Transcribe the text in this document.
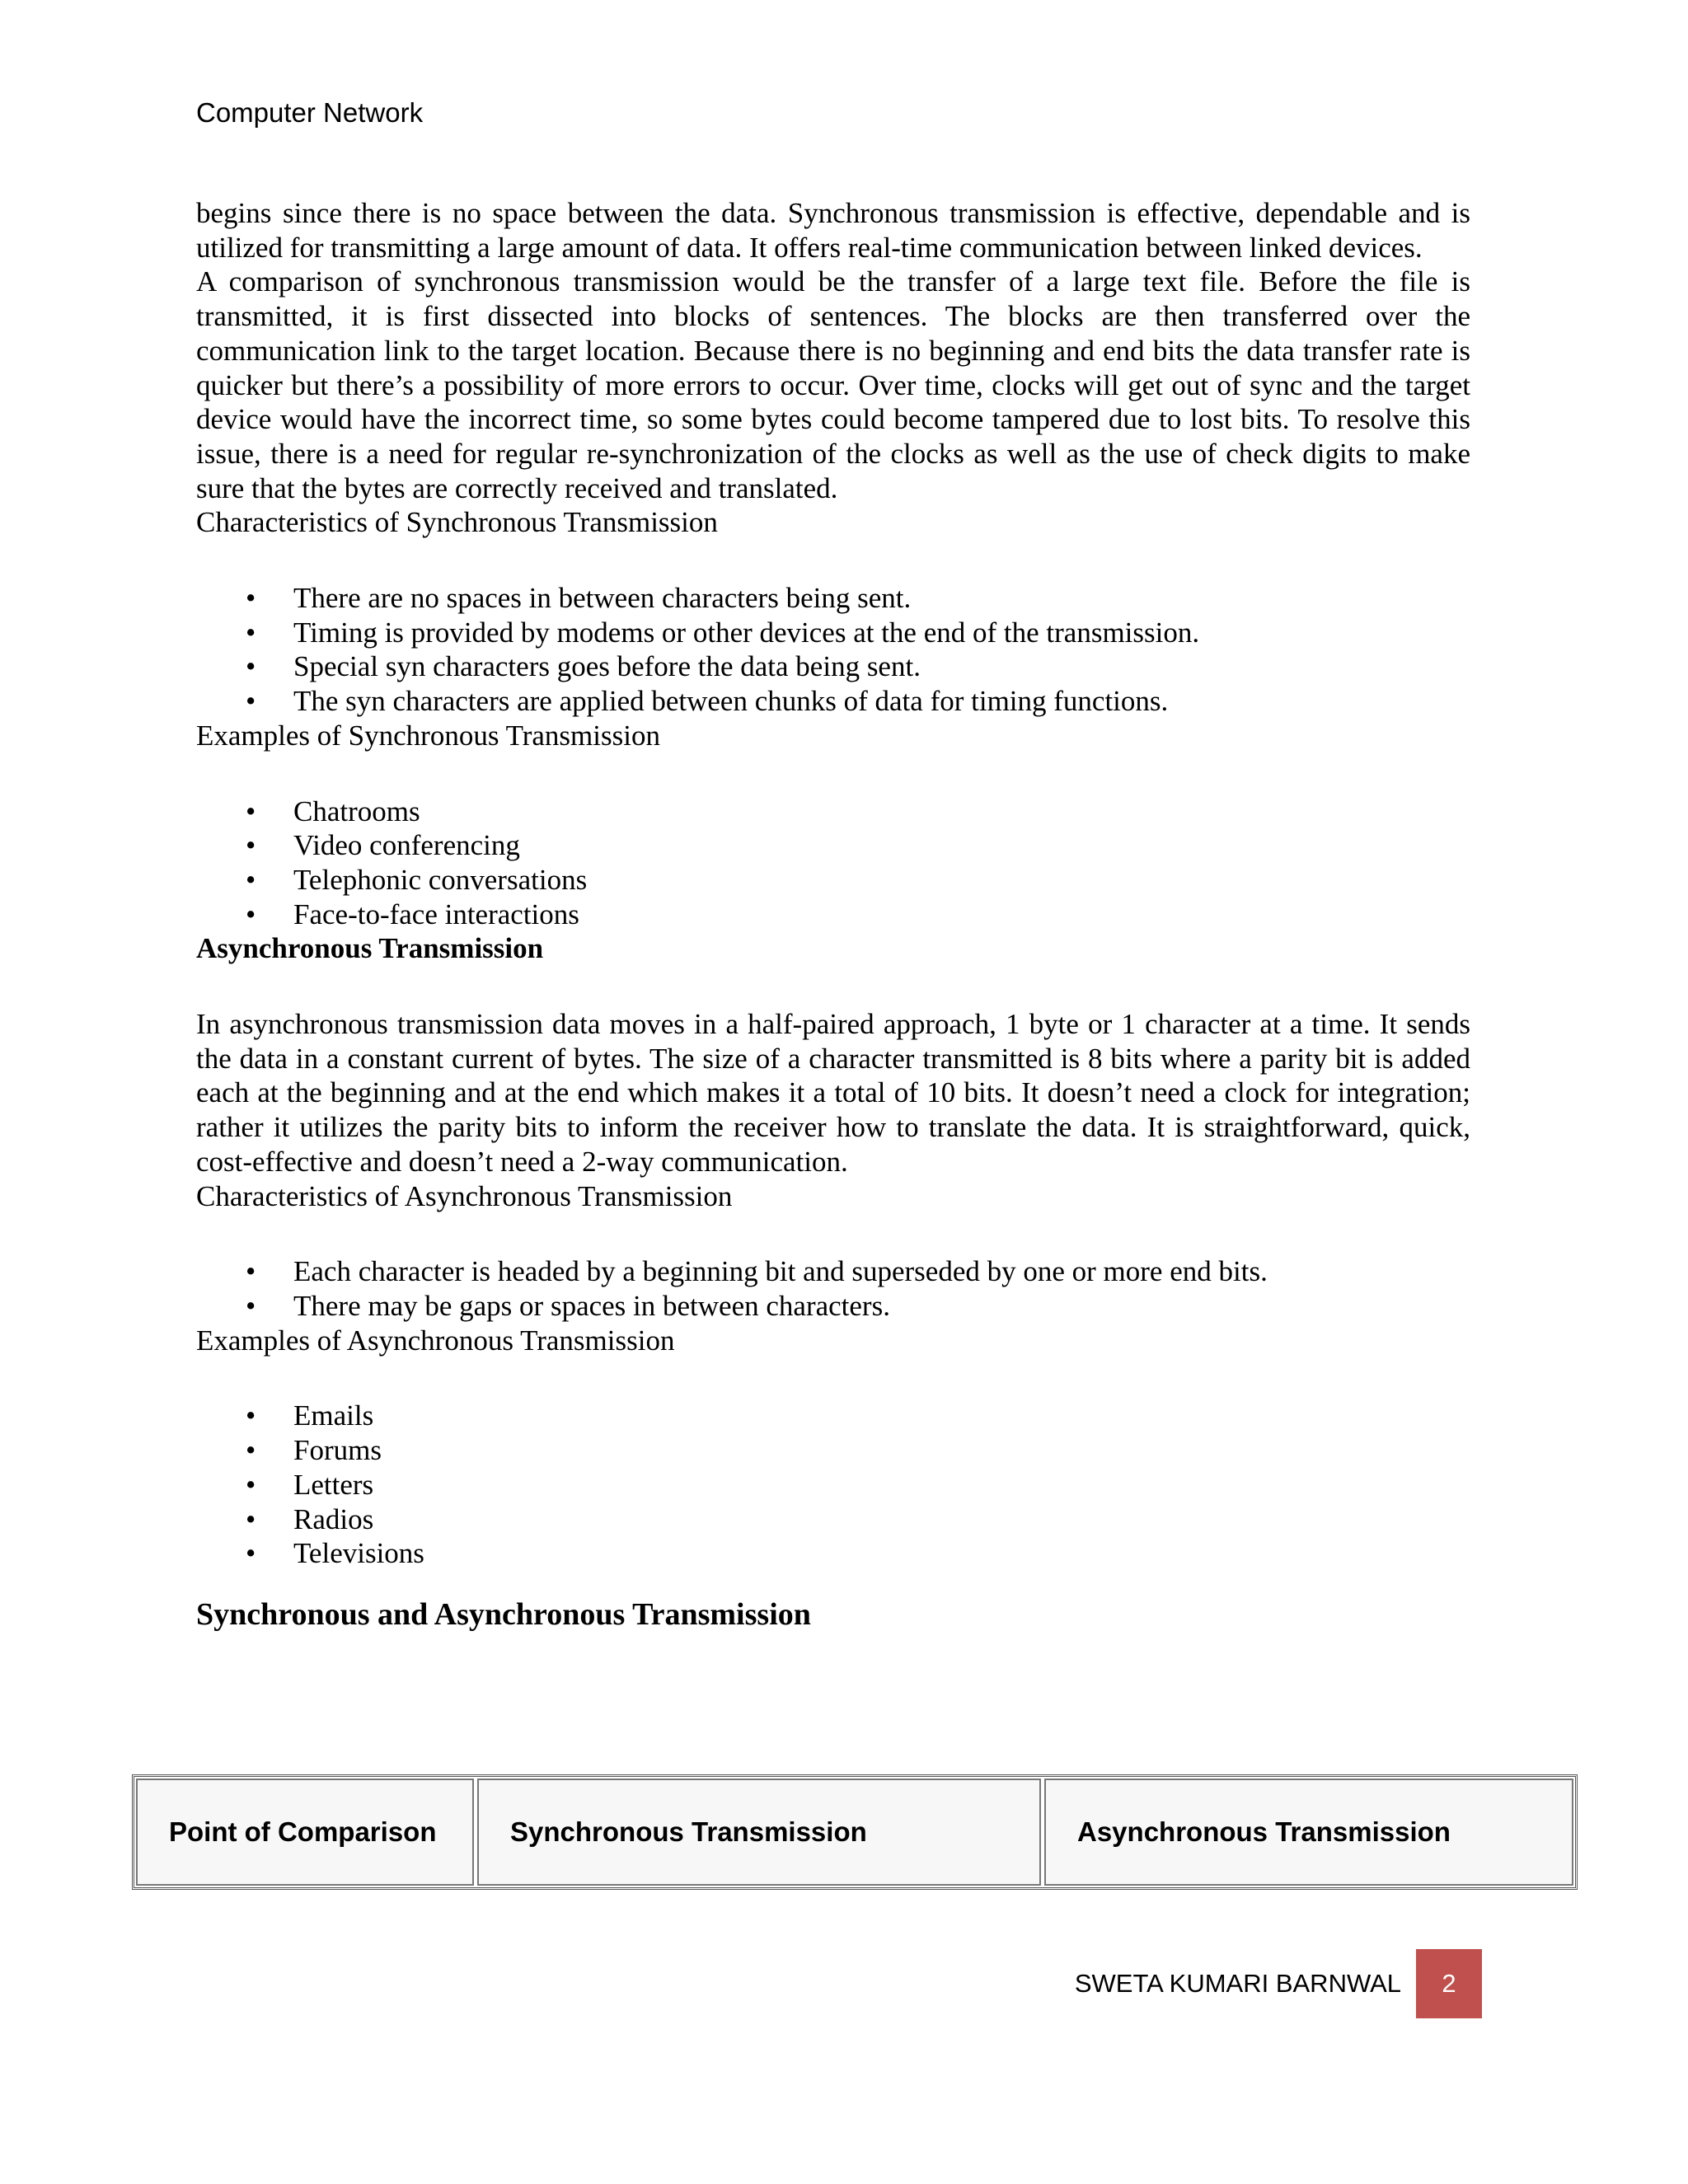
Computer Network

begins since there is no space between the data. Synchronous transmission is effective, dependable and is utilized for transmitting a large amount of data. It offers real-time communication between linked devices.

A comparison of synchronous transmission would be the transfer of a large text file. Before the file is transmitted, it is first dissected into blocks of sentences. The blocks are then transferred over the communication link to the target location. Because there is no beginning and end bits the data transfer rate is quicker but there’s a possibility of more errors to occur. Over time, clocks will get out of sync and the target device would have the incorrect time, so some bytes could become tampered due to lost bits. To resolve this issue, there is a need for regular re-synchronization of the clocks as well as the use of check digits to make sure that the bytes are correctly received and translated.

Characteristics of Synchronous Transmission
• There are no spaces in between characters being sent.
• Timing is provided by modems or other devices at the end of the transmission.
• Special syn characters goes before the data being sent.
• The syn characters are applied between chunks of data for timing functions.
Examples of Synchronous Transmission
• Chatrooms
• Video conferencing
• Telephonic conversations
• Face-to-face interactions
Asynchronous Transmission

In asynchronous transmission data moves in a half-paired approach, 1 byte or 1 character at a time. It sends the data in a constant current of bytes. The size of a character transmitted is 8 bits where a parity bit is added each at the beginning and at the end which makes it a total of 10 bits. It doesn’t need a clock for integration; rather it utilizes the parity bits to inform the receiver how to translate the data. It is straightforward, quick, cost-effective and doesn’t need a 2-way communication.

Characteristics of Asynchronous Transmission
• Each character is headed by a beginning bit and superseded by one or more end bits.
• There may be gaps or spaces in between characters.
Examples of Asynchronous Transmission
• Emails
• Forums
• Letters
• Radios
• Televisions
Synchronous and Asynchronous Transmission
Point of Comparison	Synchronous Transmission	Asynchronous Transmission
SWETA KUMARI BARNWAL	2
